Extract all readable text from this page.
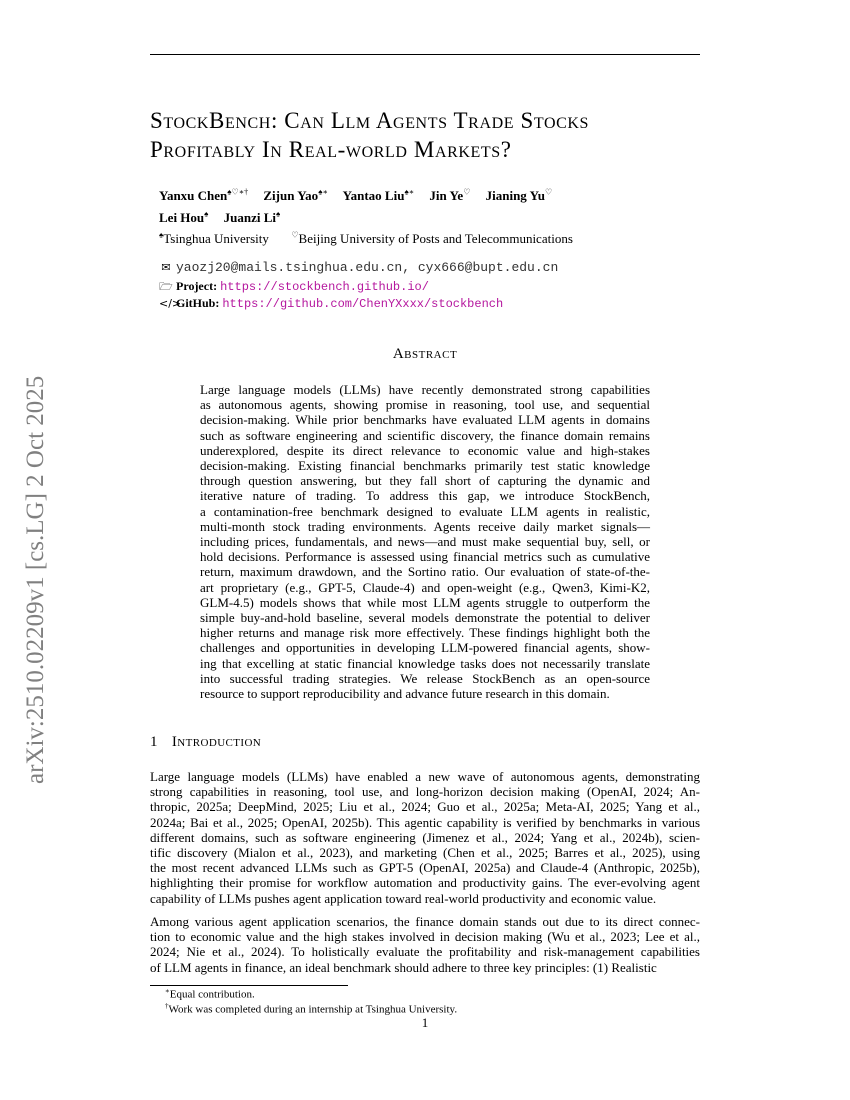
arXiv:2510.02209v1 [cs.LG] 2 Oct 2025
StockBench: Can Llm Agents Trade Stocks
Profitably In Real-world Markets?
Yanxu Chen♠♡∗† Zijun Yao♠∗ Yantao Liu♠∗ Jin Ye♡ Jianing Yu♡
Lei Hou♠ Juanzi Li♠
♠Tsinghua University	♡Beijing University of Posts and Telecommunications
✉ yaozj20@mails.tsinghua.edu.cn, cyx666@bupt.edu.cn
🗁 Project: https://stockbench.github.io/
</>GitHub: https://github.com/ChenYXxxx/stockbench
Abstract
Large language models (LLMs) have recently demonstrated strong capabilities
as autonomous agents, showing promise in reasoning, tool use, and sequential
decision-making. While prior benchmarks have evaluated LLM agents in domains
such as software engineering and scientific discovery, the finance domain remains
underexplored, despite its direct relevance to economic value and high-stakes
decision-making. Existing financial benchmarks primarily test static knowledge
through question answering, but they fall short of capturing the dynamic and
iterative nature of trading. To address this gap, we introduce StockBench,
a contamination-free benchmark designed to evaluate LLM agents in realistic,
multi-month stock trading environments. Agents receive daily market signals—
including prices, fundamentals, and news—and must make sequential buy, sell, or
hold decisions. Performance is assessed using financial metrics such as cumulative
return, maximum drawdown, and the Sortino ratio. Our evaluation of state-of-the-
art proprietary (e.g., GPT-5, Claude-4) and open-weight (e.g., Qwen3, Kimi-K2,
GLM-4.5) models shows that while most LLM agents struggle to outperform the
simple buy-and-hold baseline, several models demonstrate the potential to deliver
higher returns and manage risk more effectively. These findings highlight both the
challenges and opportunities in developing LLM-powered financial agents, show-
ing that excelling at static financial knowledge tasks does not necessarily translate
into successful trading strategies. We release StockBench as an open-source
resource to support reproducibility and advance future research in this domain.
1 Introduction
Large language models (LLMs) have enabled a new wave of autonomous agents, demonstrating
strong capabilities in reasoning, tool use, and long-horizon decision making (OpenAI, 2024; An-
thropic, 2025a; DeepMind, 2025; Liu et al., 2024; Guo et al., 2025a; Meta-AI, 2025; Yang et al.,
2024a; Bai et al., 2025; OpenAI, 2025b). This agentic capability is verified by benchmarks in various
different domains, such as software engineering (Jimenez et al., 2024; Yang et al., 2024b), scien-
tific discovery (Mialon et al., 2023), and marketing (Chen et al., 2025; Barres et al., 2025), using
the most recent advanced LLMs such as GPT-5 (OpenAI, 2025a) and Claude-4 (Anthropic, 2025b),
highlighting their promise for workflow automation and productivity gains. The ever-evolving agent
capability of LLMs pushes agent application toward real-world productivity and economic value.
Among various agent application scenarios, the finance domain stands out due to its direct connec-
tion to economic value and the high stakes involved in decision making (Wu et al., 2023; Lee et al.,
2024; Nie et al., 2024). To holistically evaluate the profitability and risk-management capabilities
of LLM agents in finance, an ideal benchmark should adhere to three key principles: (1) Realistic
∗Equal contribution.
†Work was completed during an internship at Tsinghua University.
1
